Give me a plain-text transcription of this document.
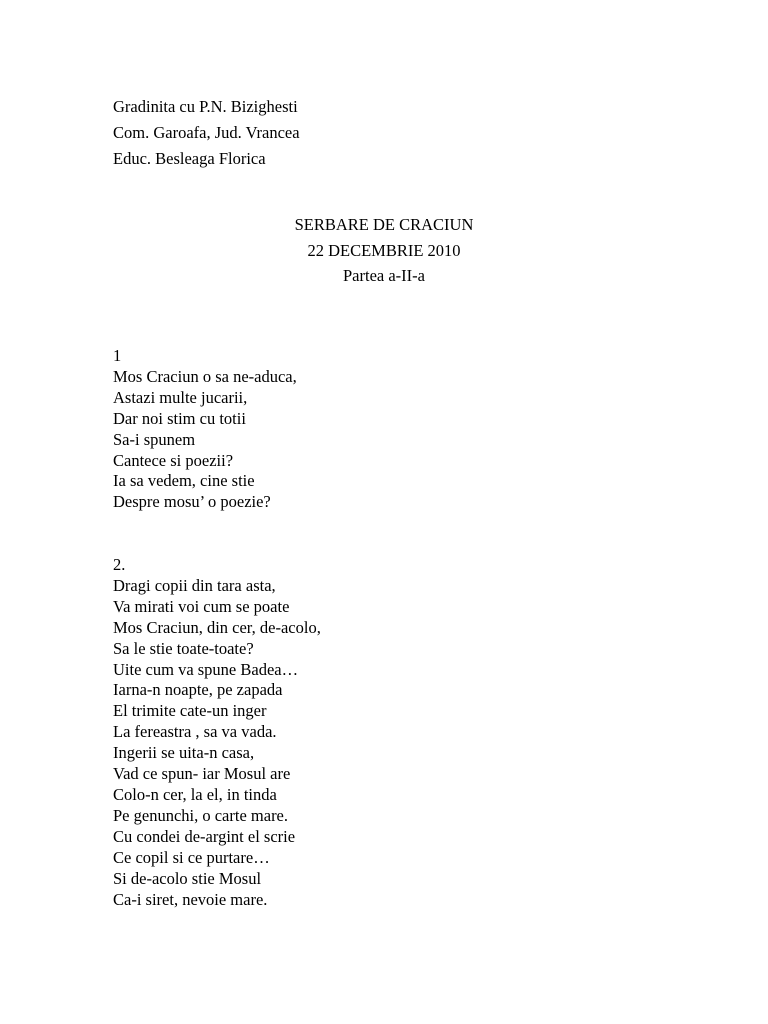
Gradinita cu P.N. Bizighesti
Com. Garoafa, Jud. Vrancea
Educ. Besleaga Florica
SERBARE DE CRACIUN
22 DECEMBRIE 2010
Partea a-II-a
1
Mos Craciun o sa ne-aduca,
Astazi multe jucarii,
Dar noi stim cu totii
Sa-i spunem
Cantece si poezii?
Ia sa vedem, cine stie
Despre mosu’ o poezie?
2.
Dragi copii din tara asta,
Va mirati voi cum se poate
Mos Craciun, din cer, de-acolo,
Sa le stie toate-toate?
Uite cum va spune Badea…
Iarna-n noapte, pe zapada
El trimite cate-un inger
La fereastra , sa va vada.
Ingerii se uita-n casa,
Vad ce spun- iar Mosul are
Colo-n cer, la el, in tinda
Pe genunchi, o carte mare.
Cu condei de-argint el scrie
Ce copil si ce purtare…
Si de-acolo stie Mosul
Ca-i siret, nevoie mare.
